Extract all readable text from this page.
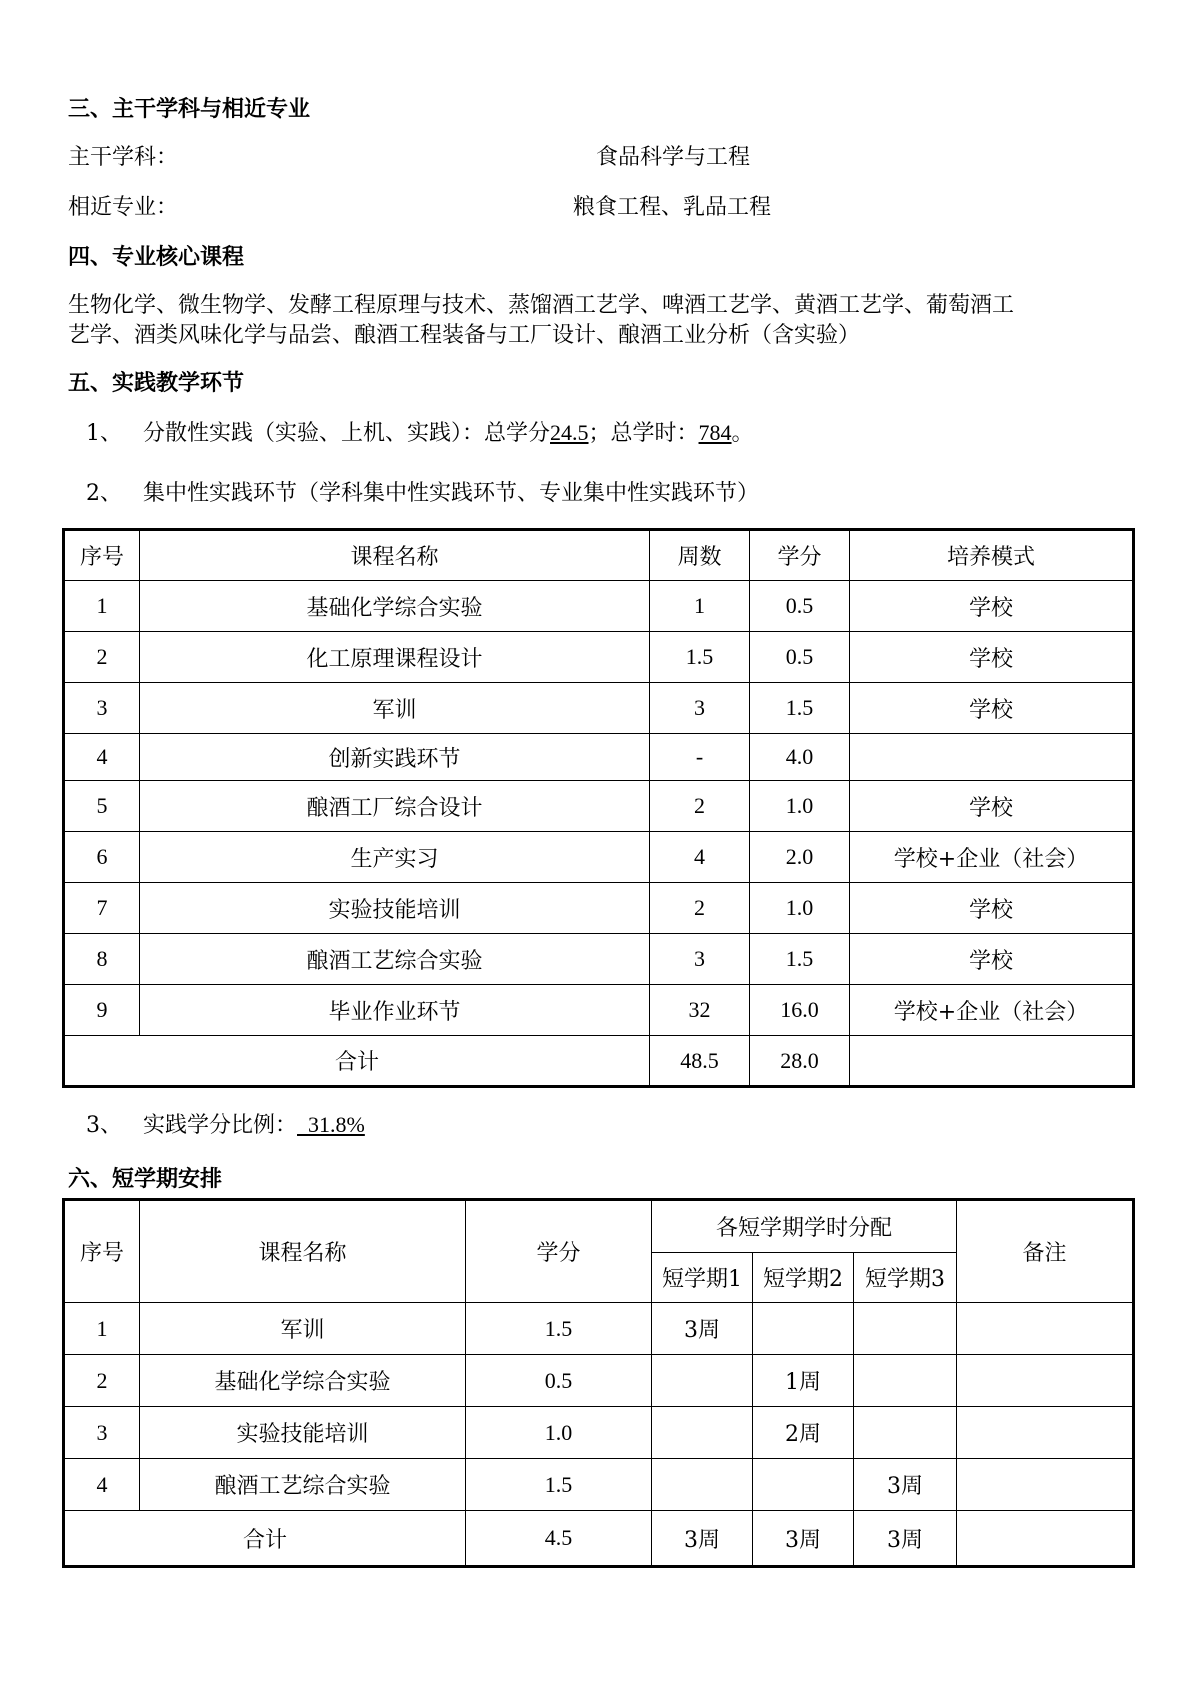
三、主干学科与相近专业
主干学科：	食品科学与工程
相近专业：	粮食工程、乳品工程
四、专业核心课程
生物化学、微生物学、发酵工程原理与技术、蒸馏酒工艺学、啤酒工艺学、黄酒工艺学、葡萄酒工
艺学、酒类风味化学与品尝、酿酒工程装备与工厂设计、酿酒工业分析（含实验）
五、实践教学环节
1、 分散性实践（实验、上机、实践）：总学分24.5；总学时：784。
2、 集中性实践环节（学科集中性实践环节、专业集中性实践环节）
序号	课程名称	周数	学分	培养模式
1	基础化学综合实验	1	0.5	学校
2	化工原理课程设计	1.5	0.5	学校
3	军训	3	1.5	学校
4	创新实践环节	-	4.0	
5	酿酒工厂综合设计	2	1.0	学校
6	生产实习	4	2.0	学校+企业（社会）
7	实验技能培训	2	1.0	学校
8	酿酒工艺综合实验	3	1.5	学校
9	毕业作业环节	32	16.0	学校+企业（社会）
合计		48.5	28.0	
3、 实践学分比例：  31.8%
六、短学期安排
序号	课程名称	学分	各短学期学时分配			备注
			短学期1	短学期2	短学期3	
1	军训	1.5	3周			
2	基础化学综合实验	0.5		1周		
3	实验技能培训	1.0		2周		
4	酿酒工艺综合实验	1.5			3周	
合计		4.5	3周	3周	3周	
